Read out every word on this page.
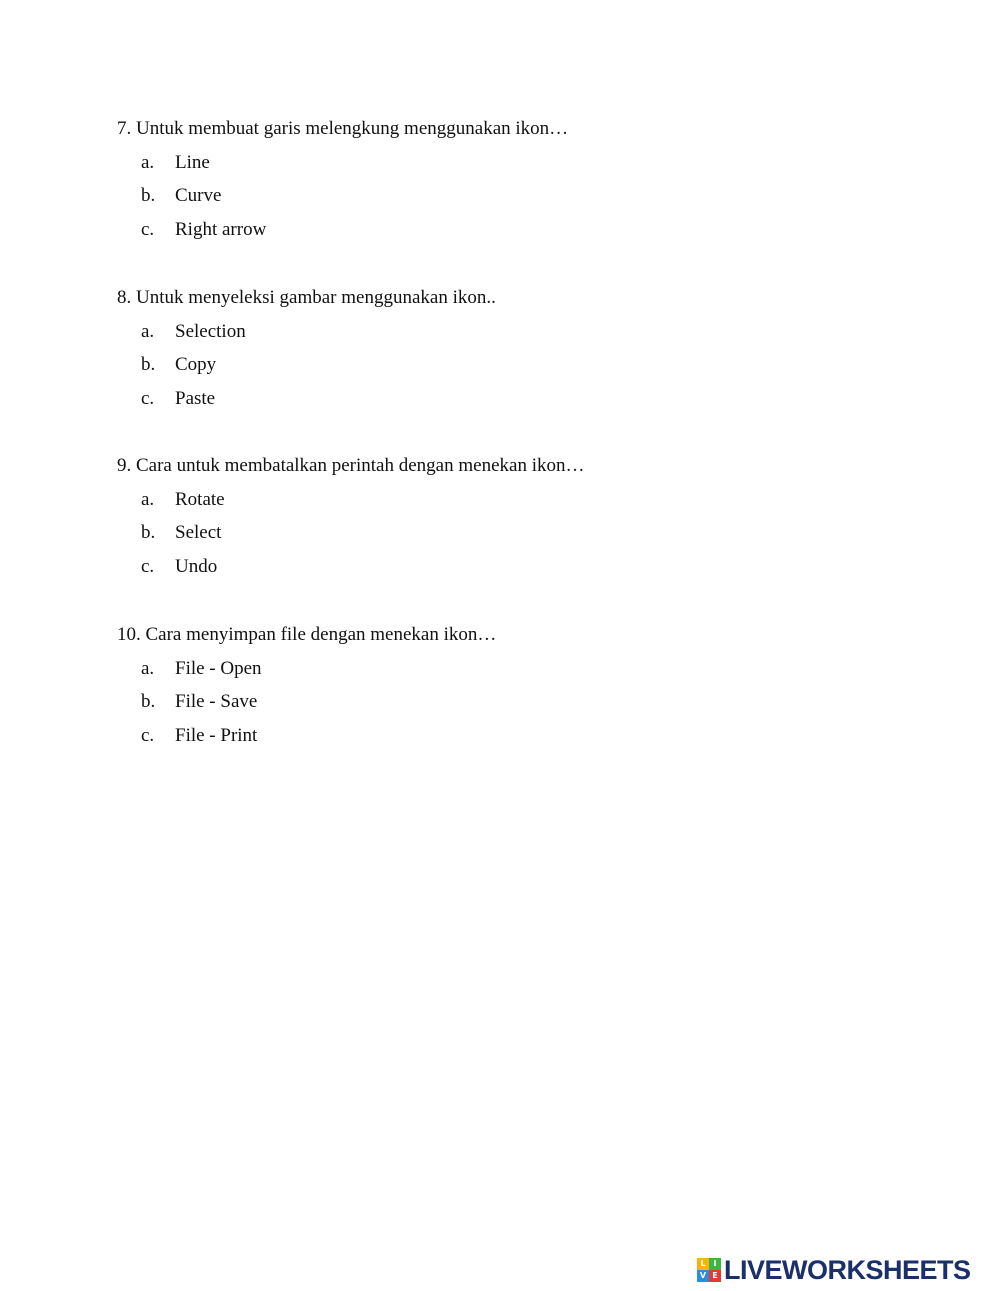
7. Untuk membuat garis melengkung menggunakan ikon…
a. Line
b. Curve
c. Right arrow
8. Untuk menyeleksi gambar menggunakan ikon..
a. Selection
b. Copy
c. Paste
9. Cara untuk membatalkan perintah dengan menekan ikon…
a. Rotate
b. Select
c. Undo
10. Cara menyimpan file dengan menekan ikon…
a. File - Open
b. File - Save
c. File - Print
L I
V E LIVEWORKSHEETS
